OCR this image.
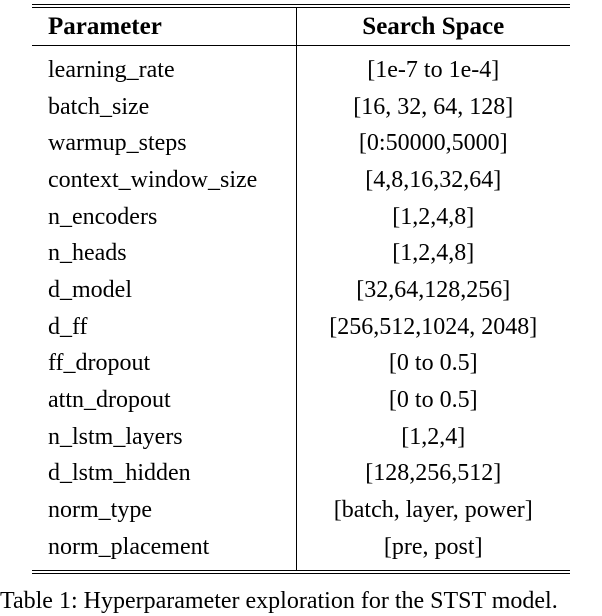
Parameter	Search Space
learning_rate	[1e-7 to 1e-4]
batch_size	[16, 32, 64, 128]
warmup_steps	[0:50000,5000]
context_window_size	[4,8,16,32,64]
n_encoders	[1,2,4,8]
n_heads	[1,2,4,8]
d_model	[32,64,128,256]
d_ff	[256,512,1024, 2048]
ff_dropout	[0 to 0.5]
attn_dropout	[0 to 0.5]
n_lstm_layers	[1,2,4]
d_lstm_hidden	[128,256,512]
norm_type	[batch, layer, power]
norm_placement	[pre, post]
Table 1: Hyperparameter exploration for the STST model.
